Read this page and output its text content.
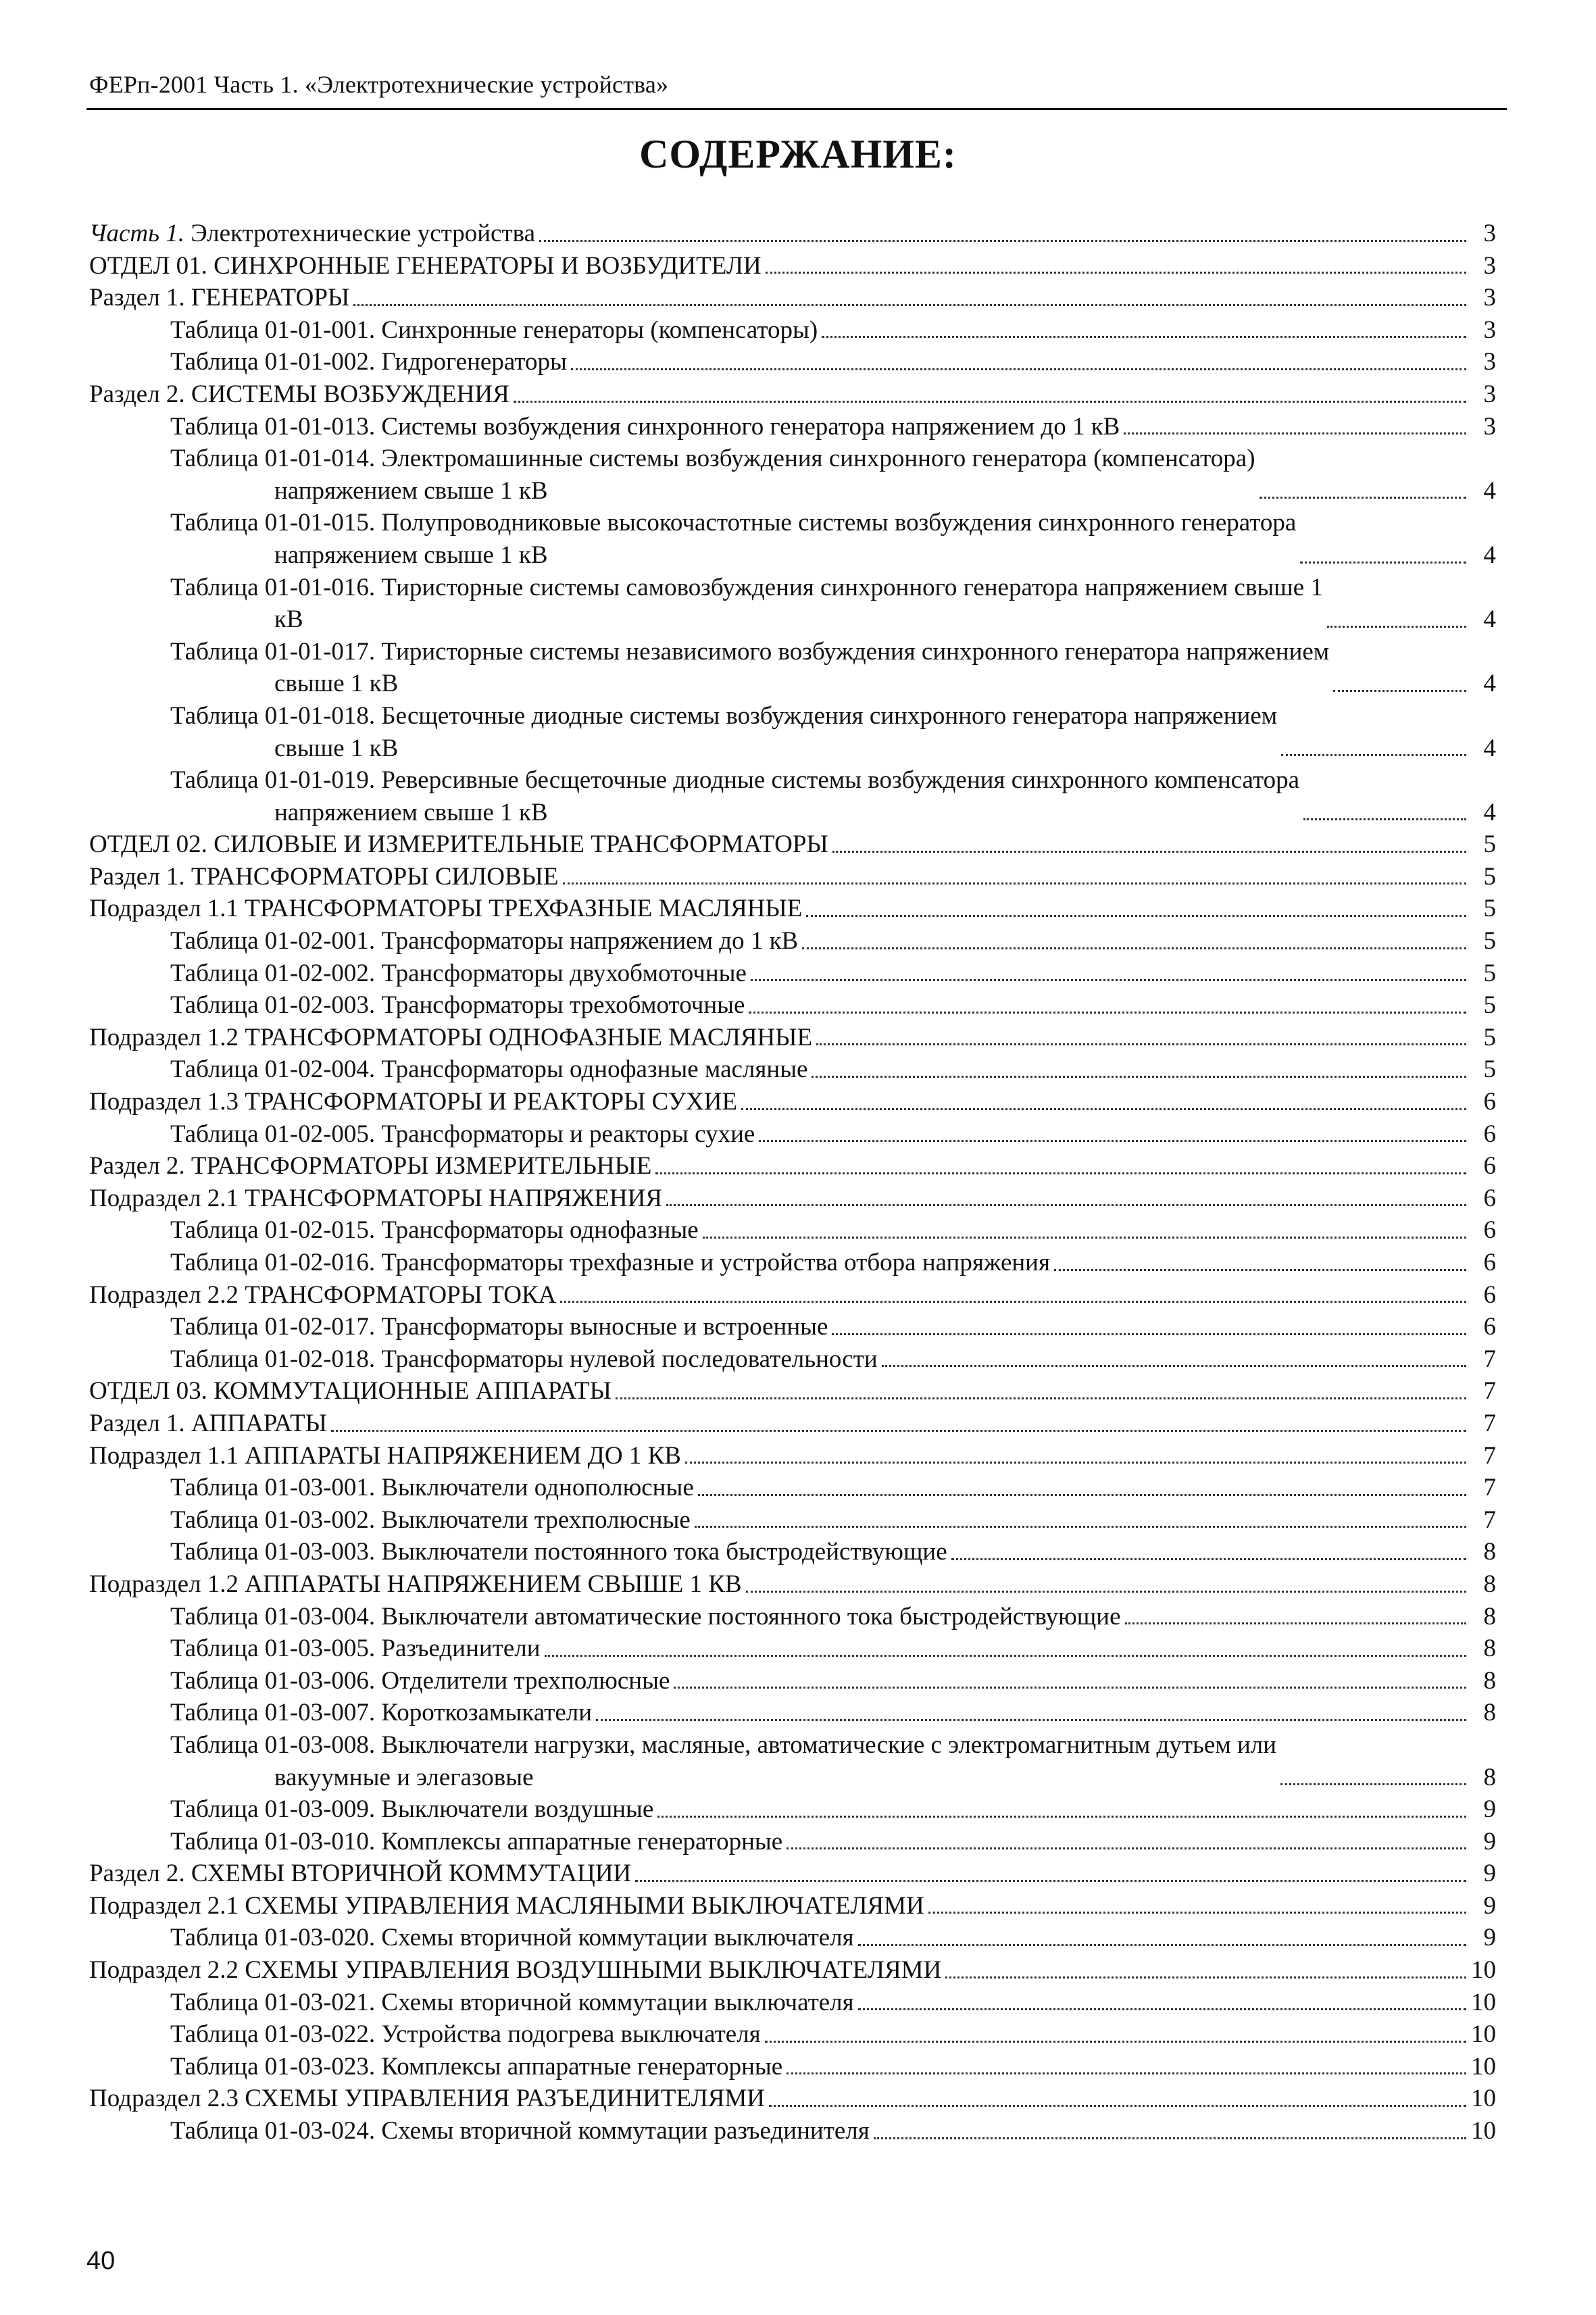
ФЕРп-2001 Часть 1. «Электротехнические устройства»
СОДЕРЖАНИЕ:
Часть 1. Электротехнические устройства	3
ОТДЕЛ 01. СИНХРОННЫЕ ГЕНЕРАТОРЫ И ВОЗБУДИТЕЛИ	3
Раздел 1. ГЕНЕРАТОРЫ	3
Таблица 01-01-001. Синхронные генераторы (компенсаторы)	3
Таблица 01-01-002. Гидрогенераторы	3
Раздел 2. СИСТЕМЫ ВОЗБУЖДЕНИЯ	3
Таблица 01-01-013. Системы возбуждения синхронного генератора напряжением до 1 кВ	3
Таблица 01-01-014. Электромашинные системы возбуждения синхронного генератора (компенсатора)
напряжением свыше 1 кВ	4
Таблица 01-01-015. Полупроводниковые высокочастотные системы возбуждения синхронного генератора
напряжением свыше 1 кВ	4
Таблица 01-01-016. Тиристорные системы самовозбуждения синхронного генератора напряжением свыше 1
кВ	4
Таблица 01-01-017. Тиристорные системы независимого возбуждения синхронного генератора напряжением
свыше 1 кВ	4
Таблица 01-01-018. Бесщеточные диодные системы возбуждения синхронного генератора напряжением
свыше 1 кВ	4
Таблица 01-01-019. Реверсивные бесщеточные диодные системы возбуждения синхронного компенсатора
напряжением свыше 1 кВ	4
ОТДЕЛ 02. СИЛОВЫЕ И ИЗМЕРИТЕЛЬНЫЕ ТРАНСФОРМАТОРЫ	5
Раздел 1. ТРАНСФОРМАТОРЫ СИЛОВЫЕ	5
Подраздел 1.1 ТРАНСФОРМАТОРЫ ТРЕХФАЗНЫЕ МАСЛЯНЫЕ	5
Таблица 01-02-001. Трансформаторы напряжением до 1 кВ	5
Таблица 01-02-002. Трансформаторы двухобмоточные	5
Таблица 01-02-003. Трансформаторы трехобмоточные	5
Подраздел 1.2 ТРАНСФОРМАТОРЫ ОДНОФАЗНЫЕ МАСЛЯНЫЕ	5
Таблица 01-02-004. Трансформаторы однофазные масляные	5
Подраздел 1.3 ТРАНСФОРМАТОРЫ И РЕАКТОРЫ СУХИЕ	6
Таблица 01-02-005. Трансформаторы и реакторы сухие	6
Раздел 2. ТРАНСФОРМАТОРЫ ИЗМЕРИТЕЛЬНЫЕ	6
Подраздел 2.1 ТРАНСФОРМАТОРЫ НАПРЯЖЕНИЯ	6
Таблица 01-02-015. Трансформаторы однофазные	6
Таблица 01-02-016. Трансформаторы трехфазные и устройства отбора напряжения	6
Подраздел 2.2 ТРАНСФОРМАТОРЫ ТОКА	6
Таблица 01-02-017. Трансформаторы выносные и встроенные	6
Таблица 01-02-018. Трансформаторы нулевой последовательности	7
ОТДЕЛ 03. КОММУТАЦИОННЫЕ АППАРАТЫ	7
Раздел 1. АППАРАТЫ	7
Подраздел 1.1 АППАРАТЫ НАПРЯЖЕНИЕМ ДО 1 КВ	7
Таблица 01-03-001. Выключатели однополюсные	7
Таблица 01-03-002. Выключатели трехполюсные	7
Таблица 01-03-003. Выключатели постоянного тока быстродействующие	8
Подраздел 1.2 АППАРАТЫ НАПРЯЖЕНИЕМ СВЫШЕ 1 КВ	8
Таблица 01-03-004. Выключатели автоматические постоянного тока быстродействующие	8
Таблица 01-03-005. Разъединители	8
Таблица 01-03-006. Отделители трехполюсные	8
Таблица 01-03-007. Короткозамыкатели	8
Таблица 01-03-008. Выключатели нагрузки, масляные, автоматические с электромагнитным дутьем или
вакуумные и элегазовые	8
Таблица 01-03-009. Выключатели воздушные	9
Таблица 01-03-010. Комплексы аппаратные генераторные	9
Раздел 2. СХЕМЫ ВТОРИЧНОЙ КОММУТАЦИИ	9
Подраздел 2.1 СХЕМЫ УПРАВЛЕНИЯ МАСЛЯНЫМИ ВЫКЛЮЧАТЕЛЯМИ	9
Таблица 01-03-020. Схемы вторичной коммутации выключателя	9
Подраздел 2.2 СХЕМЫ УПРАВЛЕНИЯ ВОЗДУШНЫМИ ВЫКЛЮЧАТЕЛЯМИ	10
Таблица 01-03-021. Схемы вторичной коммутации выключателя	10
Таблица 01-03-022. Устройства подогрева выключателя	10
Таблица 01-03-023. Комплексы аппаратные генераторные	10
Подраздел 2.3 СХЕМЫ УПРАВЛЕНИЯ РАЗЪЕДИНИТЕЛЯМИ	10
Таблица 01-03-024. Схемы вторичной коммутации разъединителя	10
40
